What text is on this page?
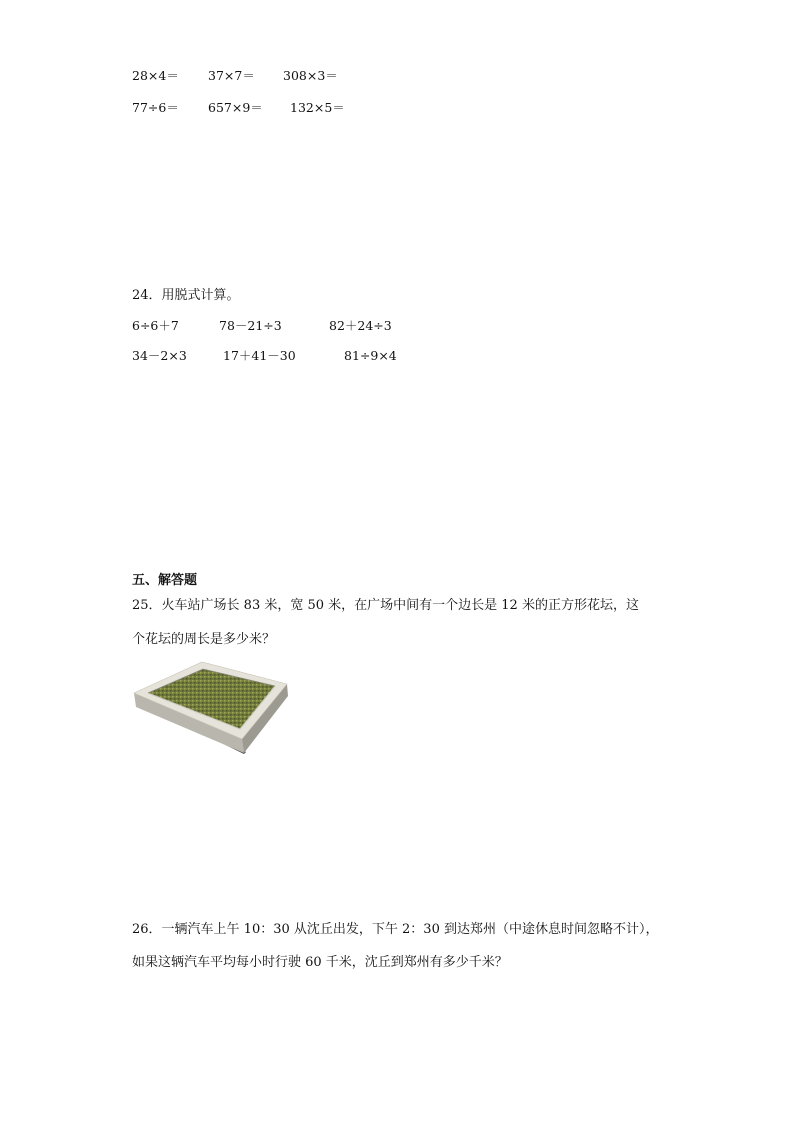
28×4＝ 37×7＝ 308×3＝
77÷6＝ 657×9＝ 132×5＝
24．用脱式计算。
6÷6＋7	78－21÷3	82＋24÷3
34－2×3	17＋41－30	81÷9×4
五、解答题
25．火车站广场长 83 米，宽 50 米，在广场中间有一个边长是 12 米的正方形花坛，这
个花坛的周长是多少米？
26．一辆汽车上午 10：30 从沈丘出发，下午 2：30 到达郑州（中途休息时间忽略不计），
如果这辆汽车平均每小时行驶 60 千米，沈丘到郑州有多少千米？
